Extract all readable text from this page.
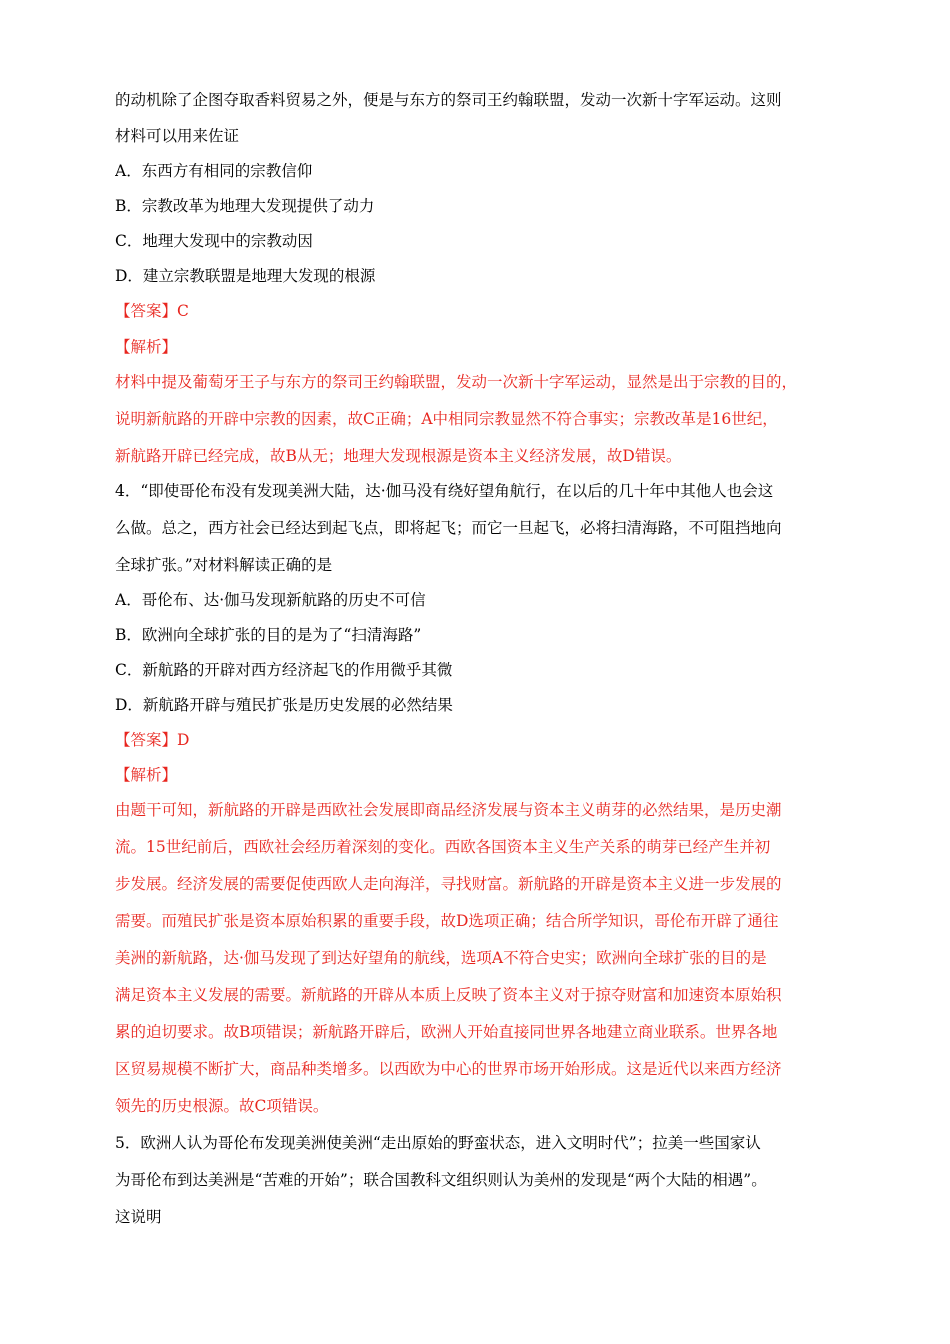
的动机除了企图夺取香料贸易之外，便是与东方的祭司王约翰联盟，发动一次新十字军运动。这则
材料可以用来佐证
A．东西方有相同的宗教信仰
B．宗教改革为地理大发现提供了动力
C．地理大发现中的宗教动因
D．建立宗教联盟是地理大发现的根源
【答案】C
【解析】
材料中提及葡萄牙王子与东方的祭司王约翰联盟，发动一次新十字军运动，显然是出于宗教的目的，
说明新航路的开辟中宗教的因素，故C正确；A中相同宗教显然不符合事实；宗教改革是16世纪，
新航路开辟已经完成，故B从无；地理大发现根源是资本主义经济发展，故D错误。
4．“即使哥伦布没有发现美洲大陆，达·伽马没有绕好望角航行，在以后的几十年中其他人也会这
么做。总之，西方社会已经达到起飞点，即将起飞；而它一旦起飞，必将扫清海路，不可阻挡地向
全球扩张。”对材料解读正确的是
A．哥伦布、达·伽马发现新航路的历史不可信
B．欧洲向全球扩张的目的是为了“扫清海路”
C．新航路的开辟对西方经济起飞的作用微乎其微
D．新航路开辟与殖民扩张是历史发展的必然结果
【答案】D
【解析】
由题干可知，新航路的开辟是西欧社会发展即商品经济发展与资本主义萌芽的必然结果，是历史潮
流。15世纪前后，西欧社会经历着深刻的变化。西欧各国资本主义生产关系的萌芽已经产生并初
步发展。经济发展的需要促使西欧人走向海洋，寻找财富。新航路的开辟是资本主义进一步发展的
需要。而殖民扩张是资本原始积累的重要手段，故D选项正确；结合所学知识，哥伦布开辟了通往
美洲的新航路，达·伽马发现了到达好望角的航线，选项A不符合史实；欧洲向全球扩张的目的是
满足资本主义发展的需要。新航路的开辟从本质上反映了资本主义对于掠夺财富和加速资本原始积
累的迫切要求。故B项错误；新航路开辟后，欧洲人开始直接同世界各地建立商业联系。世界各地
区贸易规模不断扩大，商品种类增多。以西欧为中心的世界市场开始形成。这是近代以来西方经济
领先的历史根源。故C项错误。
5．欧洲人认为哥伦布发现美洲使美洲“走出原始的野蛮状态，进入文明时代”；拉美一些国家认
为哥伦布到达美洲是“苦难的开始”；联合国教科文组织则认为美州的发现是“两个大陆的相遇”。
这说明
